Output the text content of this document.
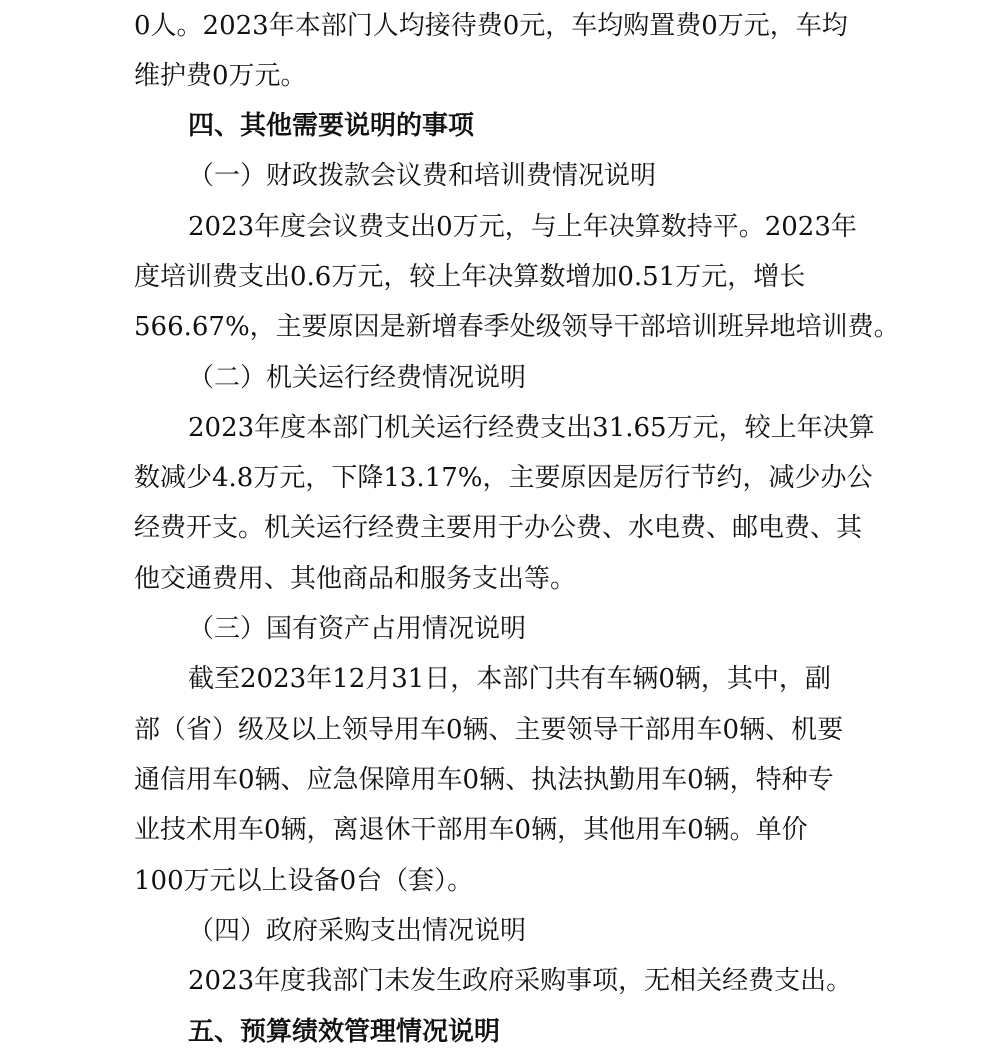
0人。2023年本部门人均接待费0元，车均购置费0万元，车均
维护费0万元。
四、其他需要说明的事项
（一）财政拨款会议费和培训费情况说明
2023年度会议费支出0万元，与上年决算数持平。2023年
度培训费支出0.6万元，较上年决算数增加0.51万元，增长
566.67%，主要原因是新增春季处级领导干部培训班异地培训费。
（二）机关运行经费情况说明
2023年度本部门机关运行经费支出31.65万元，较上年决算
数减少4.8万元，下降13.17%，主要原因是厉行节约，减少办公
经费开支。机关运行经费主要用于办公费、水电费、邮电费、其
他交通费用、其他商品和服务支出等。
（三）国有资产占用情况说明
截至2023年12月31日，本部门共有车辆0辆，其中，副
部（省）级及以上领导用车0辆、主要领导干部用车0辆、机要
通信用车0辆、应急保障用车0辆、执法执勤用车0辆，特种专
业技术用车0辆，离退休干部用车0辆，其他用车0辆。单价
100万元以上设备0台（套）。
（四）政府采购支出情况说明
2023年度我部门未发生政府采购事项，无相关经费支出。
五、预算绩效管理情况说明
